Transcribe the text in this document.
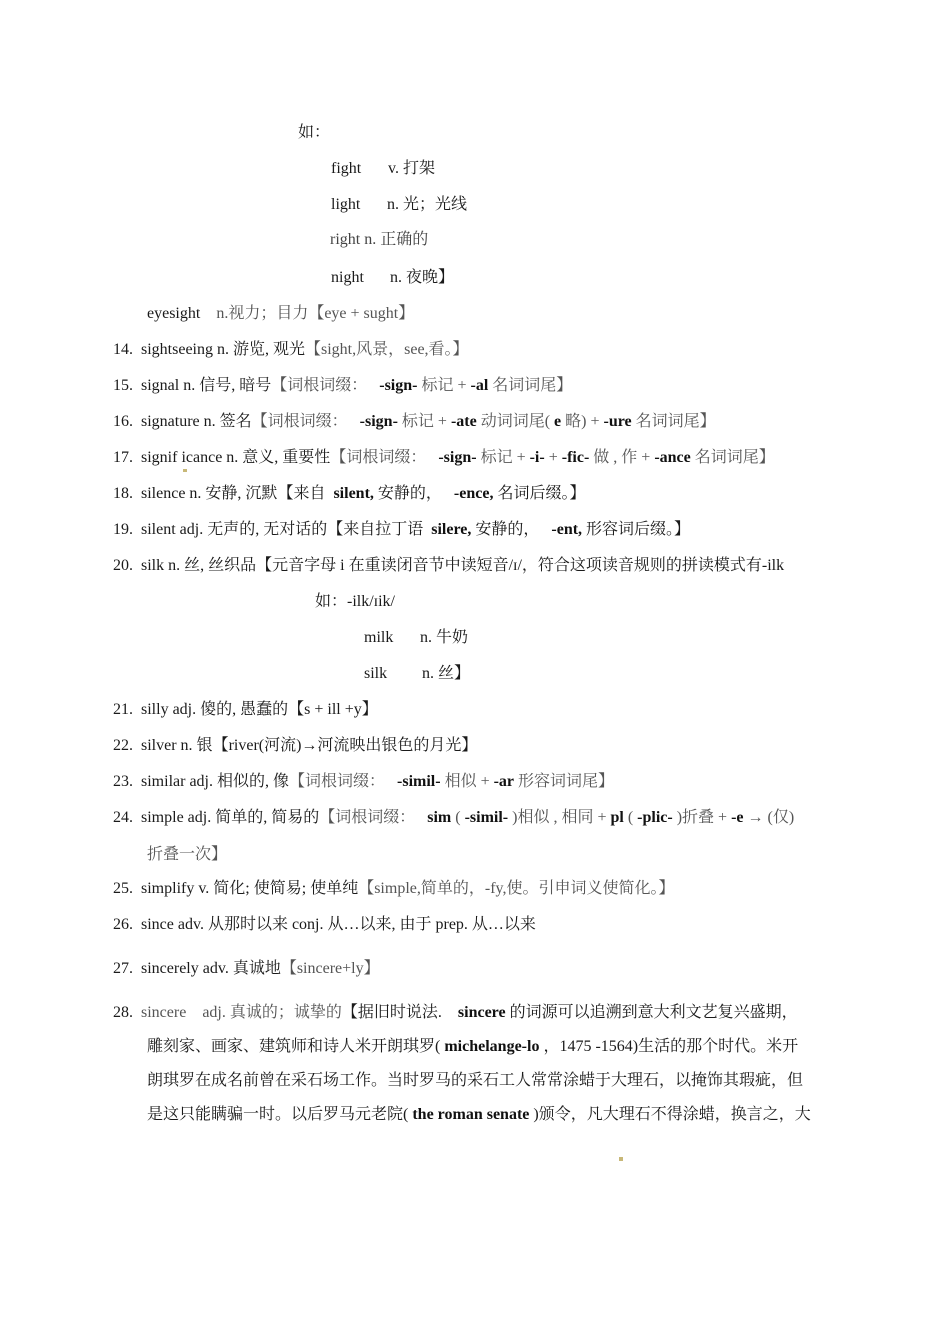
如：
fight v. 打架
light n. 光；光线
right n. 正确的
night n. 夜晚】
eyesight n.视力；目力【eye + sught】
14. sightseeing n. 游览, 观光【sight,风景，see,看。】
15. signal n. 信号, 暗号【词根词缀： -sign- 标记 + -al 名词词尾】
16. signature n. 签名【词根词缀： -sign- 标记 + -ate 动词词尾( e 略) + -ure 名词词尾】
17. signif icance n. 意义, 重要性【词根词缀： -sign- 标记 + -i- + -fic- 做 , 作 + -ance 名词词尾】
18. silence n. 安静, 沉默【来自 silent, 安静的， -ence, 名词后缀。】
19. silent adj. 无声的, 无对话的【来自拉丁语 silere, 安静的， -ent, 形容词后缀。】
20. silk n. 丝, 丝织品【元音字母 i 在重读闭音节中读短音/ɪ/，符合这项读音规则的拼读模式有-ilk
如：-ilk/ɪik/
milk n. 牛奶
silk n. 丝】
21. silly adj. 傻的, 愚蠢的【s + ill +y】
22. silver n. 银【river(河流)→河流映出银色的月光】
23. similar adj. 相似的, 像【词根词缀： -simil- 相似 + -ar 形容词词尾】
24. simple adj. 简单的, 简易的【词根词缀： sim ( -simil- )相似 , 相同 + pl ( -plic- )折叠 + -e → (仅)
折叠一次】
25. simplify v. 简化; 使简易; 使单纯【simple,简单的，-fy,使。引申词义使简化。】
26. since adv. 从那时以来 conj. 从…以来, 由于 prep. 从…以来
27. sincerely adv. 真诚地【sincere+ly】
28. sincere adj. 真诚的；诚挚的【据旧时说法. sincere 的词源可以追溯到意大利文艺复兴盛期，
雕刻家、画家、建筑师和诗人米开朗琪罗( michelange-lo ，1475 -1564)生活的那个时代。米开
朗琪罗在成名前曾在采石场工作。当时罗马的采石工人常常涂蜡于大理石，以掩饰其瑕疵，但
是这只能瞒骗一时。以后罗马元老院( the roman senate )颁令，凡大理石不得涂蜡，换言之，大
